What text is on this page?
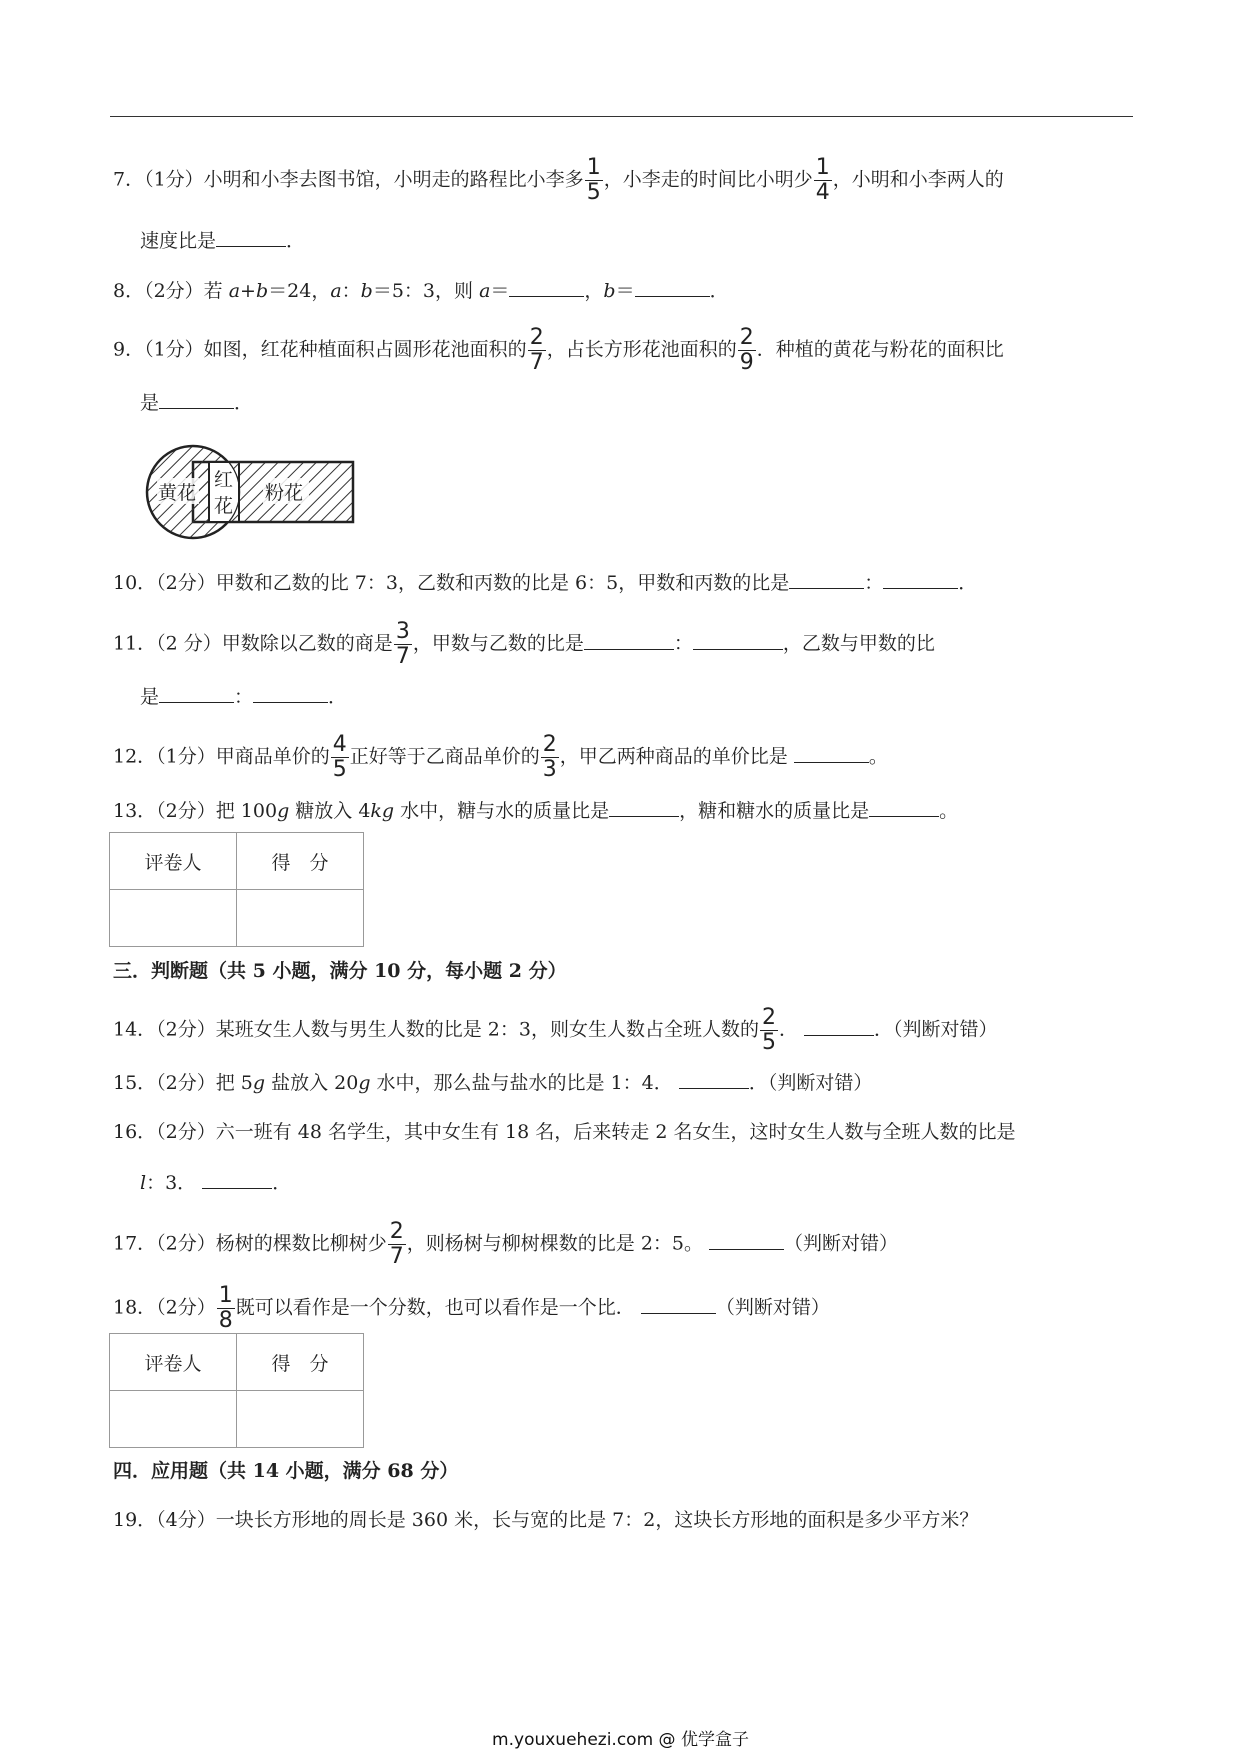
7．（1分）小明和小李去图书馆，小明走的路程比小李多 $\frac{1}{5}$ ，小李走的时间比小明少 $\frac{1}{4}$ ，小明和小李两人的
速度比是	．
8．（2分）若 a+b＝24，a：b＝5：3，则 a＝	，b＝	．
9．（1分）如图，红花种植面积占圆形花池面积的 $\frac{2}{7}$ ，占长方形花池面积的 $\frac{2}{9}$ ．种植的黄花与粉花的面积比
是	．
黄花
红
花
粉花
10．（2分）甲数和乙数的比 7：3，乙数和丙数的比是 6：5，甲数和丙数的比是	：	．
11．（2 分）甲数除以乙数的商是 $\frac{3}{7}$ ，甲数与乙数的比是	：	，乙数与甲数的比
是	：	．
12．（1分）甲商品单价的 $\frac{4}{5}$ 正好等于乙商品单价的 $\frac{2}{3}$ ，甲乙两种商品的单价比是	。
13．（2分）把 100g 糖放入 4kg 水中，糖与水的质量比是	，糖和糖水的质量比是	。
评卷人	得　分

三．判断题（共 5 小题，满分 10 分，每小题 2 分）
14．（2分）某班女生人数与男生人数的比是 2：3，则女生人数占全班人数的 $\frac{2}{5}$ ．	．（判断对错）
15．（2分）把 5g 盐放入 20g 水中，那么盐与盐水的比是 1：4．	．（判断对错）
16．（2分）六一班有 48 名学生，其中女生有 18 名，后来转走 2 名女生，这时女生人数与全班人数的比是
l：3．	．
17．（2分）杨树的棵数比柳树少 $\frac{2}{7}$ ，则杨树与柳树棵数的比是 2：5。	（判断对错）
18．（2分） $\frac{1}{8}$ 既可以看作是一个分数，也可以看作是一个比．	（判断对错）
评卷人	得　分

四．应用题（共 14 小题，满分 68 分）
19．（4分）一块长方形地的周长是 360 米，长与宽的比是 7：2，这块长方形地的面积是多少平方米？
m.youxuehezi.com @ 优学盒子
